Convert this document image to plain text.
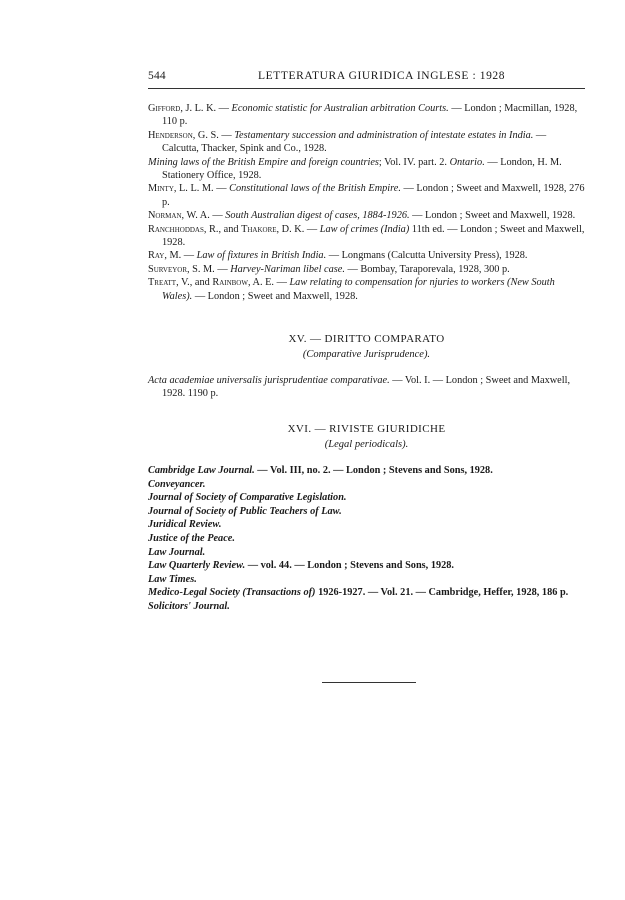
544	LETTERATURA GIURIDICA INGLESE : 1928

Gifford, J. L. K. — Economic statistic for Australian arbitration Courts. — London ; Macmillan, 1928, 110 p.

Henderson, G. S. — Testamentary succession and administration of intestate estates in India. — Calcutta, Thacker, Spink and Co., 1928.

Mining laws of the British Empire and foreign countries; Vol. IV. part. 2. Ontario. — London, H. M. Stationery Office, 1928.

Minty, L. L. M. — Constitutional laws of the British Empire. — London ; Sweet and Maxwell, 1928, 276 p.

Norman, W. A. — South Australian digest of cases, 1884-1926. — London ; Sweet and Maxwell, 1928.

Ranchhoddas, R., and Thakore, D. K. — Law of crimes (India) 11th ed. — London ; Sweet and Maxwell, 1928.

Ray, M. — Law of fixtures in British India. — Longmans (Calcutta University Press), 1928.

Surveyor, S. M. — Harvey-Nariman libel case. — Bombay, Taraporevala, 1928, 300 p.

Treatt, V., and Rainbow, A. E. — Law relating to compensation for njuries to workers (New South Wales). — London ; Sweet and Maxwell, 1928.

XV. — DIRITTO COMPARATO
(Comparative Jurisprudence).

Acta academiae universalis jurisprudentiae comparativae. — Vol. I. — London ; Sweet and Maxwell, 1928. 1190 p.

XVI. — RIVISTE GIURIDICHE
(Legal periodicals).
Cambridge Law Journal. — Vol. III, no. 2. — London ; Stevens and Sons, 1928.
Conveyancer.
Journal of Society of Comparative Legislation.
Journal of Society of Public Teachers of Law.
Juridical Review.
Justice of the Peace.
Law Journal.
Law Quarterly Review. — vol. 44. — London ; Stevens and Sons, 1928.
Law Times.
Medico-Legal Society (Transactions of) 1926-1927. — Vol. 21. — Cambridge, Heffer, 1928, 186 p.
Solicitors' Journal.
